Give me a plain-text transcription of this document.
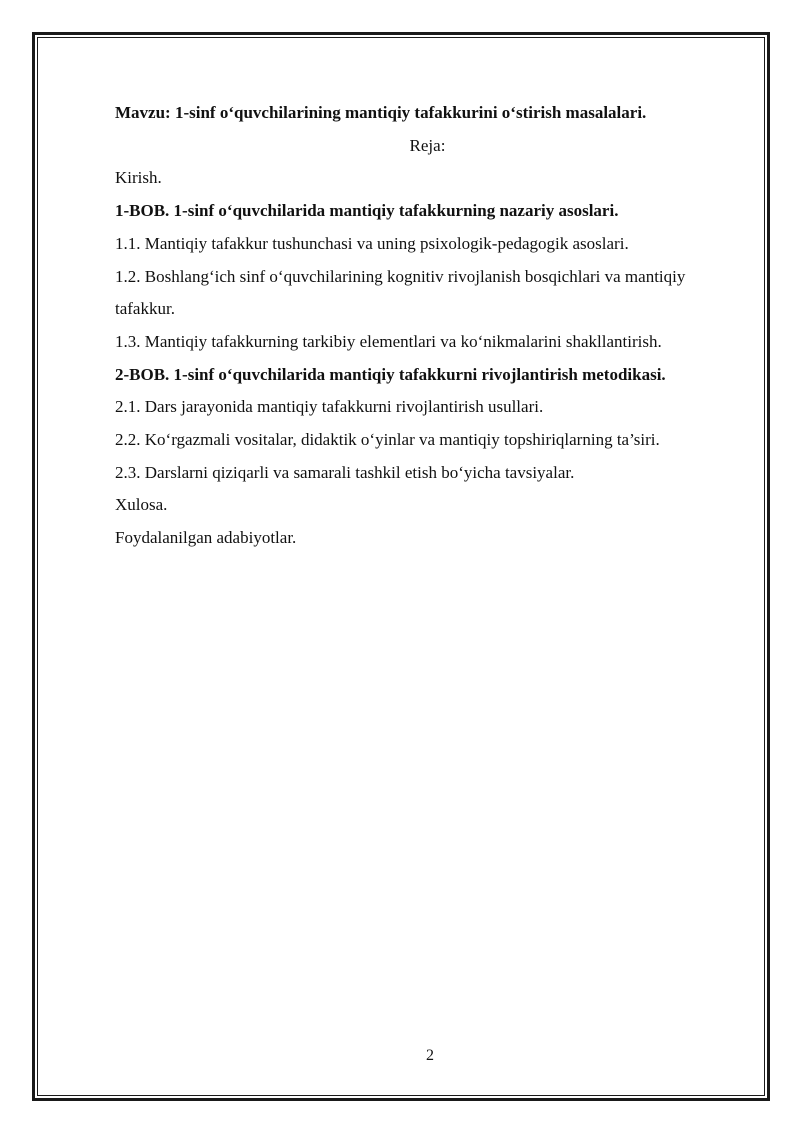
Mavzu: 1-sinf o‘quvchilarining mantiqiy tafakkurini o‘stirish masalalari.

Reja:

Kirish.

1-BOB. 1-sinf o‘quvchilarida mantiqiy tafakkurning nazariy asoslari.

1.1. Mantiqiy tafakkur tushunchasi va uning psixologik-pedagogik asoslari.

1.2. Boshlang‘ich sinf o‘quvchilarining kognitiv rivojlanish bosqichlari va mantiqiy tafakkur.

1.3. Mantiqiy tafakkurning tarkibiy elementlari va ko‘nikmalarini shakllantirish.

2-BOB. 1-sinf o‘quvchilarida mantiqiy tafakkurni rivojlantirish metodikasi.

2.1. Dars jarayonida mantiqiy tafakkurni rivojlantirish usullari.

2.2. Ko‘rgazmali vositalar, didaktik o‘yinlar va mantiqiy topshiriqlarning ta’siri.

2.3. Darslarni qiziqarli va samarali tashkil etish bo‘yicha tavsiyalar.

Xulosa.

Foydalanilgan adabiyotlar.

2
